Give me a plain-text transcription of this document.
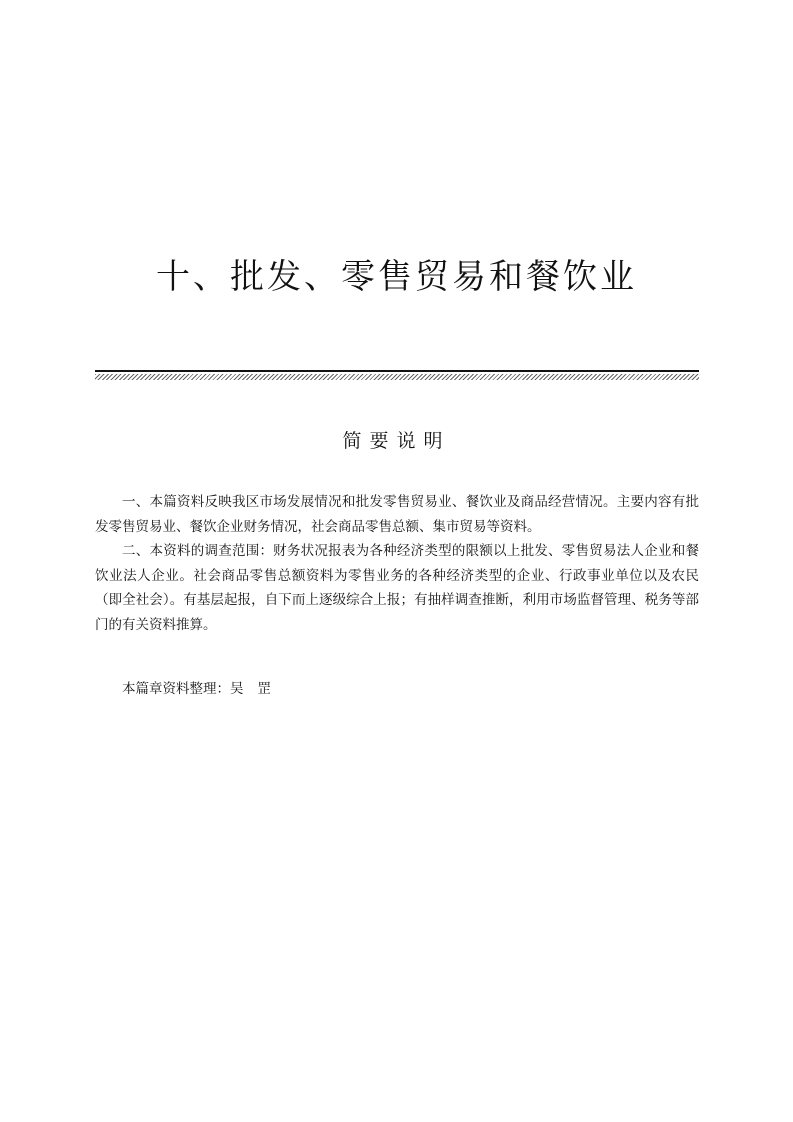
十、批发、零售贸易和餐饮业
简要说明

一、本篇资料反映我区市场发展情况和批发零售贸易业、餐饮业及商品经营情况。主要内容有批发零售贸易业、餐饮企业财务情况，社会商品零售总额、集市贸易等资料。

二、本资料的调查范围：财务状况报表为各种经济类型的限额以上批发、零售贸易法人企业和餐饮业法人企业。社会商品零售总额资料为零售业务的各种经济类型的企业、行政事业单位以及农民（即全社会）。有基层起报，自下而上逐级综合上报；有抽样调查推断，利用市场监督管理、税务等部门的有关资料推算。

本篇章资料整理：吴罡
